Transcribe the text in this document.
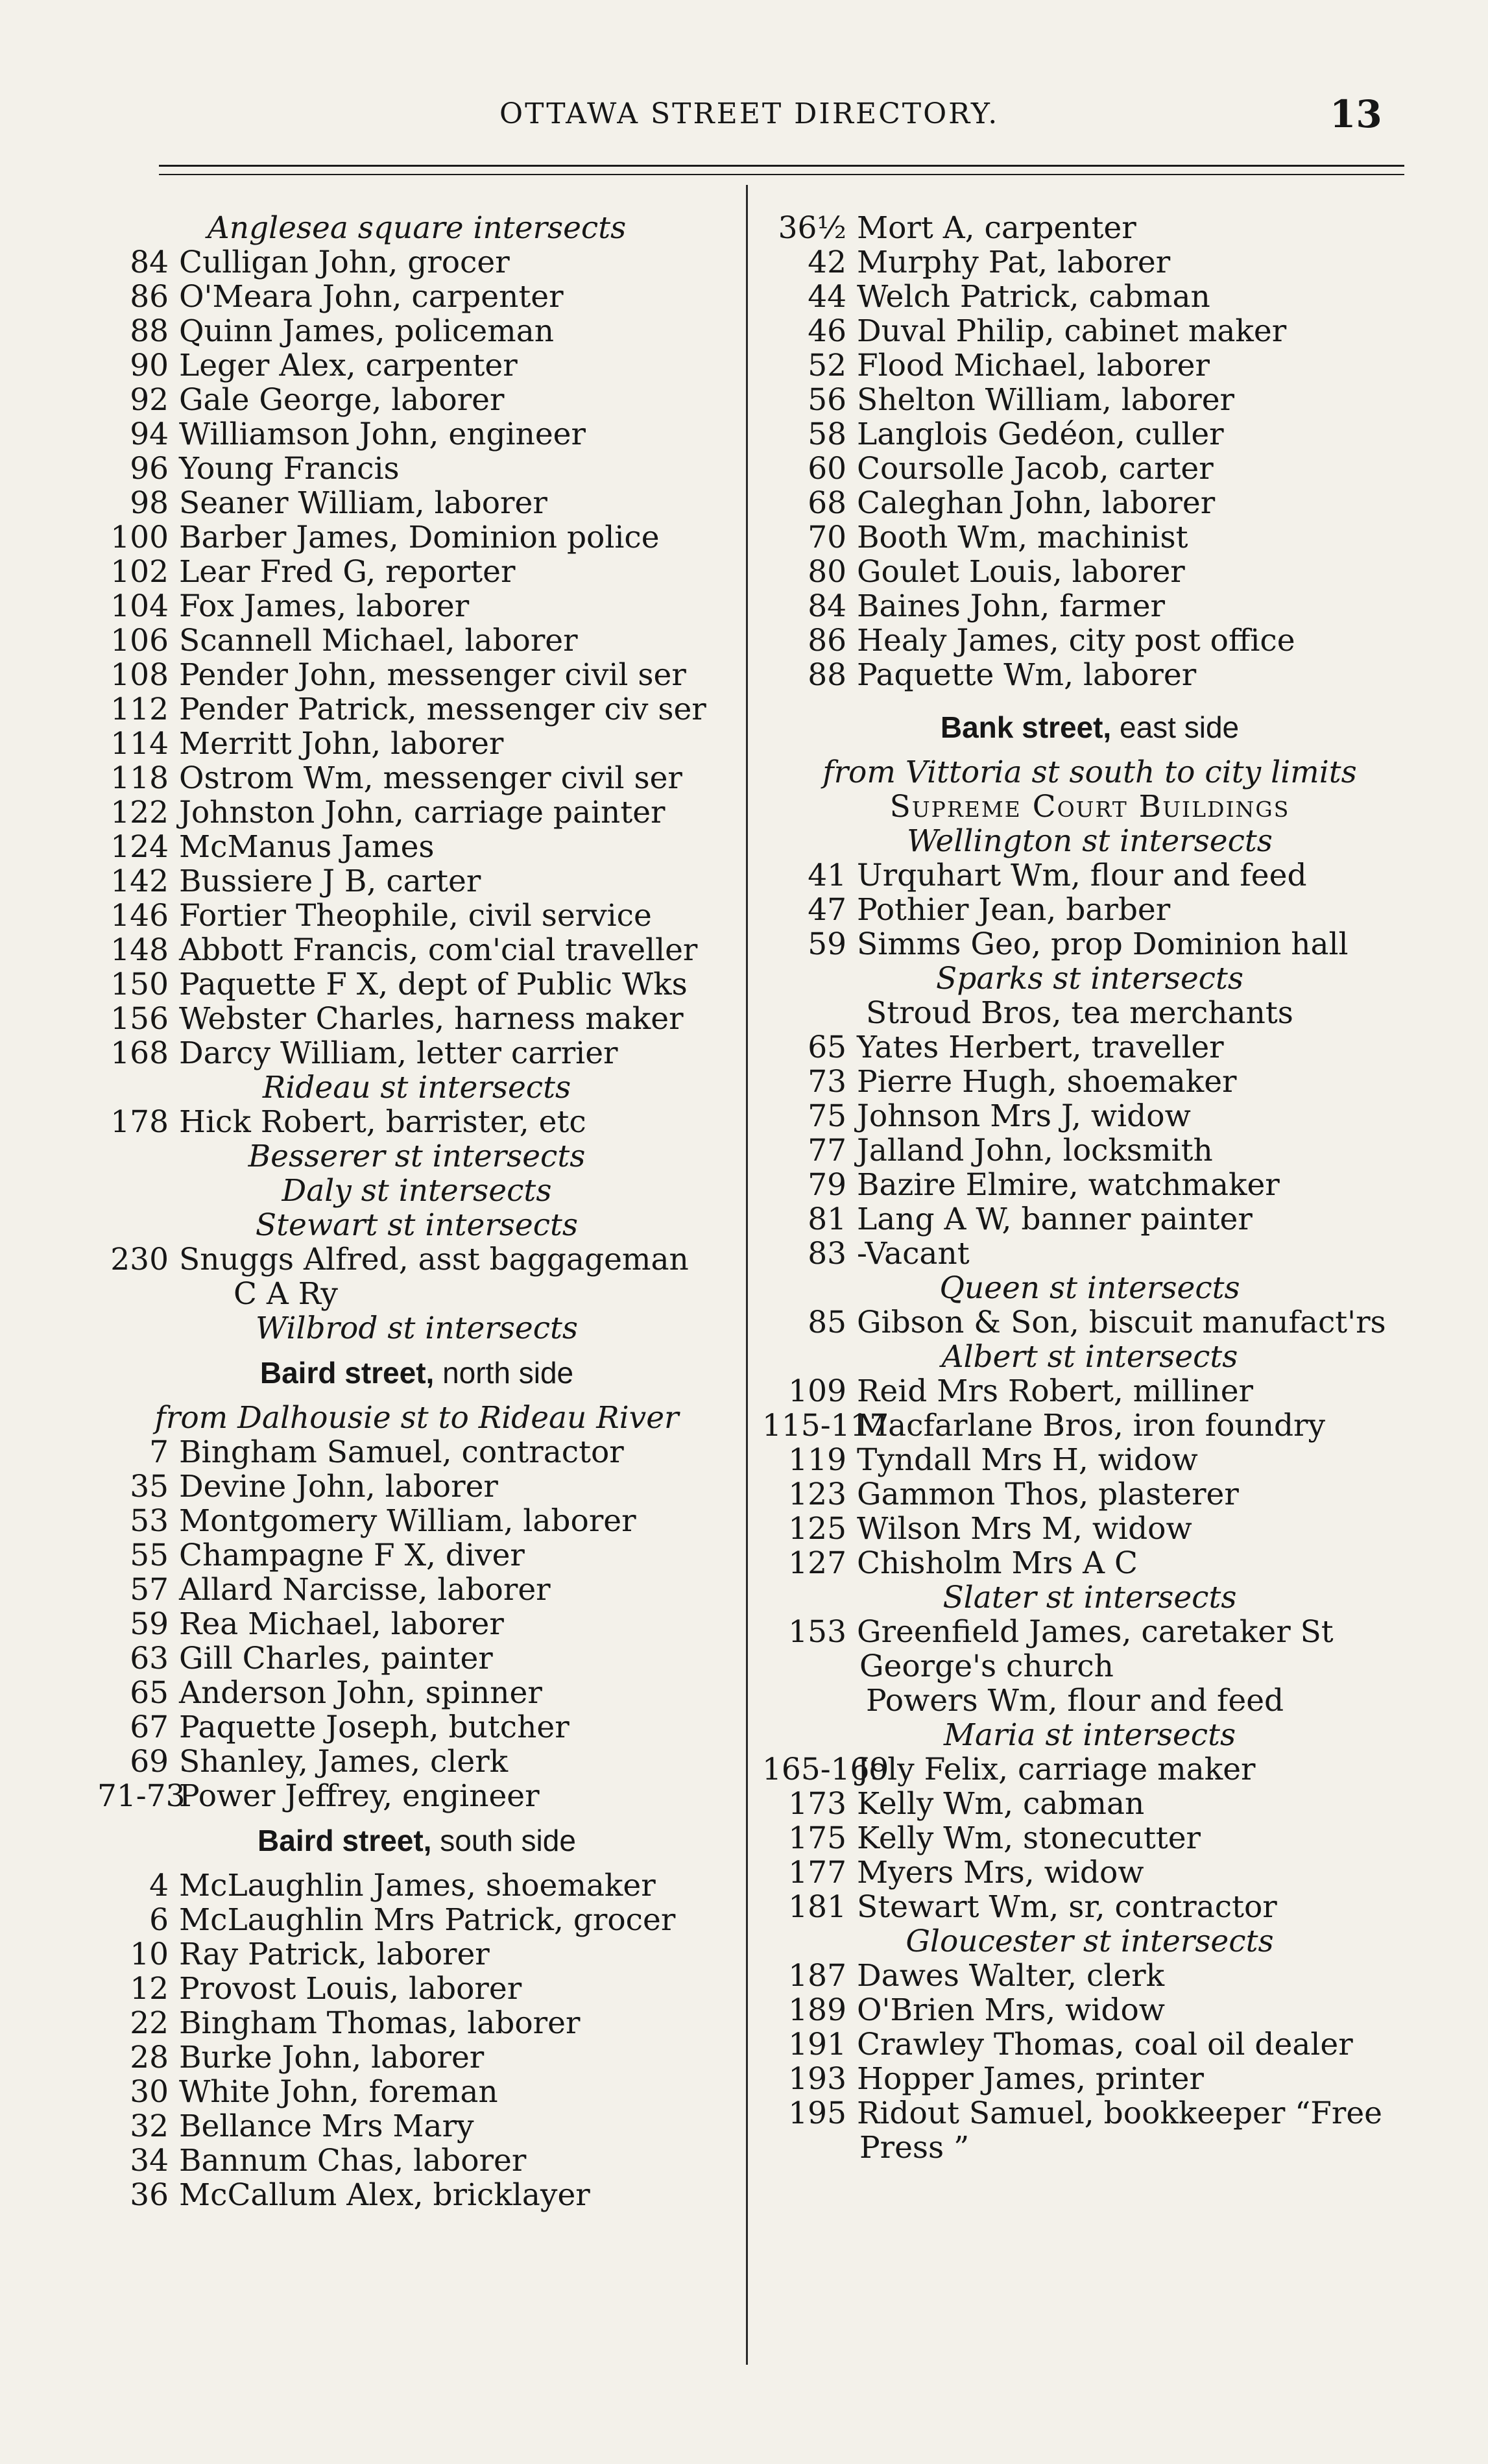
OTTAWA STREET DIRECTORY.	13
Anglesea square intersects
84 Culligan John, grocer
86 O'Meara John, carpenter
88 Quinn James, policeman
90 Leger Alex, carpenter
92 Gale George, laborer
94 Williamson John, engineer
96 Young Francis
98 Seaner William, laborer
100 Barber James, Dominion police
102 Lear Fred G, reporter
104 Fox James, laborer
106 Scannell Michael, laborer
108 Pender John, messenger civil ser
112 Pender Patrick, messenger civ ser
114 Merritt John, laborer
118 Ostrom Wm, messenger civil ser
122 Johnston John, carriage painter
124 McManus James
142 Bussiere J B, carter
146 Fortier Theophile, civil service
148 Abbott Francis, com'cial traveller
150 Paquette F X, dept of Public Wks
156 Webster Charles, harness maker
168 Darcy William, letter carrier
Rideau st intersects
178 Hick Robert, barrister, etc
Besserer st intersects
Daly st intersects
Stewart st intersects
230 Snuggs Alfred, asst baggageman
C A Ry
Wilbrod st intersects
Baird street, north side
from Dalhousie st to Rideau River
7 Bingham Samuel, contractor
35 Devine John, laborer
53 Montgomery William, laborer
55 Champagne F X, diver
57 Allard Narcisse, laborer
59 Rea Michael, laborer
63 Gill Charles, painter
65 Anderson John, spinner
67 Paquette Joseph, butcher
69 Shanley, James, clerk
71-73Power Jeffrey, engineer
Baird street, south side
4 McLaughlin James, shoemaker
6 McLaughlin Mrs Patrick, grocer
10 Ray Patrick, laborer
12 Provost Louis, laborer
22 Bingham Thomas, laborer
28 Burke John, laborer
30 White John, foreman
32 Bellance Mrs Mary
34 Bannum Chas, laborer
36 McCallum Alex, bricklayer
36½ Mort A, carpenter
42 Murphy Pat, laborer
44 Welch Patrick, cabman
46 Duval Philip, cabinet maker
52 Flood Michael, laborer
56 Shelton William, laborer
58 Langlois Gedéon, culler
60 Coursolle Jacob, carter
68 Caleghan John, laborer
70 Booth Wm, machinist
80 Goulet Louis, laborer
84 Baines John, farmer
86 Healy James, city post office
88 Paquette Wm, laborer
Bank street, east side
from Vittoria st south to city limits
Supreme Court Buildings
Wellington st intersects
41 Urquhart Wm, flour and feed
47 Pothier Jean, barber
59 Simms Geo, prop Dominion hall
Sparks st intersects
Stroud Bros, tea merchants
65 Yates Herbert, traveller
73 Pierre Hugh, shoemaker
75 Johnson Mrs J, widow
77 Jalland John, locksmith
79 Bazire Elmire, watchmaker
81 Lang A W, banner painter
83 -Vacant
Queen st intersects
85 Gibson & Son, biscuit manufact'rs
Albert st intersects
109 Reid Mrs Robert, milliner
115-117Macfarlane Bros, iron foundry
119 Tyndall Mrs H, widow
123 Gammon Thos, plasterer
125 Wilson Mrs M, widow
127 Chisholm Mrs A C
Slater st intersects
153 Greenfield James, caretaker St
George's church
Powers Wm, flour and feed
Maria st intersects
165-169Joly Felix, carriage maker
173 Kelly Wm, cabman
175 Kelly Wm, stonecutter
177 Myers Mrs, widow
181 Stewart Wm, sr, contractor
Gloucester st intersects
187 Dawes Walter, clerk
189 O'Brien Mrs, widow
191 Crawley Thomas, coal oil dealer
193 Hopper James, printer
195 Ridout Samuel, bookkeeper “Free
Press ”
